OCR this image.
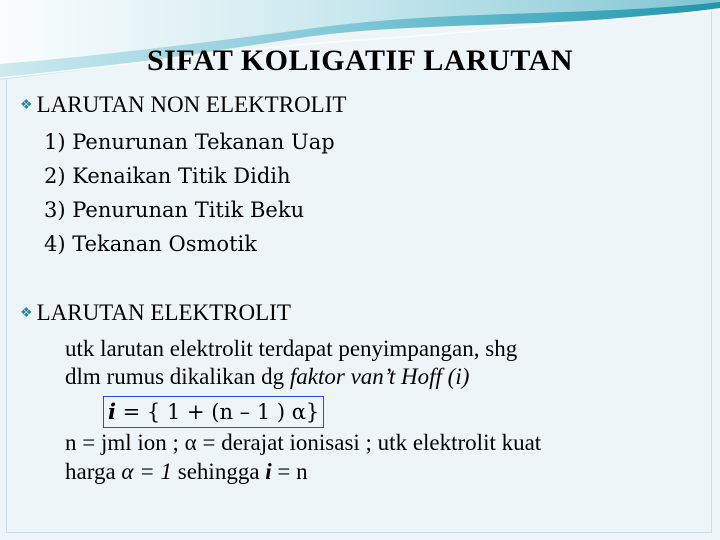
SIFAT KOLIGATIF LARUTAN
❖ LARUTAN NON ELEKTROLIT
1) Penurunan Tekanan Uap
2) Kenaikan Titik Didih
3) Penurunan Titik Beku
4) Tekanan Osmotik
❖ LARUTAN ELEKTROLIT
utk larutan elektrolit terdapat penyimpangan, shg
dlm rumus dikalikan dg faktor van’t Hoff (i)
i = { 1 + (n – 1 ) α}
n = jml ion ; α = derajat ionisasi ; utk elektrolit kuat
harga α = 1 sehingga i = n
